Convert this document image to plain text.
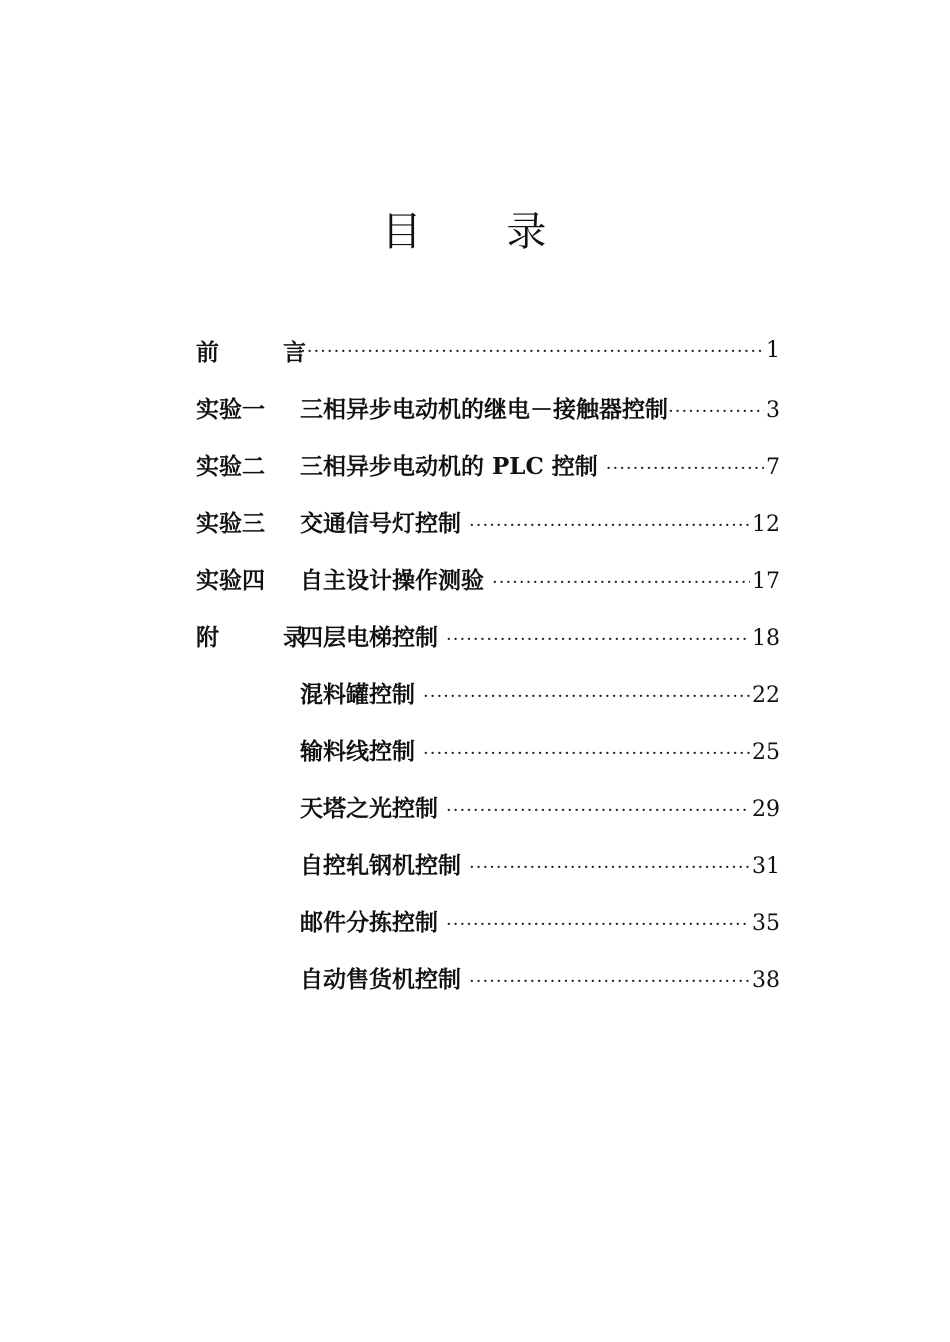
目 录
前 言 ·····	1
实验一	三相异步电动机的继电－接触器控制 ·····	3
实验二	三相异步电动机的 PLC 控制 ·····	7
实验三	交通信号灯控制 ·····	12
实验四	自主设计操作测验 ·····	17
附 录
四层电梯控制 ·····	18
混料罐控制 ·····	22
输料线控制 ·····	25
天塔之光控制 ·····	29
自控轧钢机控制 ·····	31
邮件分拣控制 ·····	35
自动售货机控制 ·····	38
